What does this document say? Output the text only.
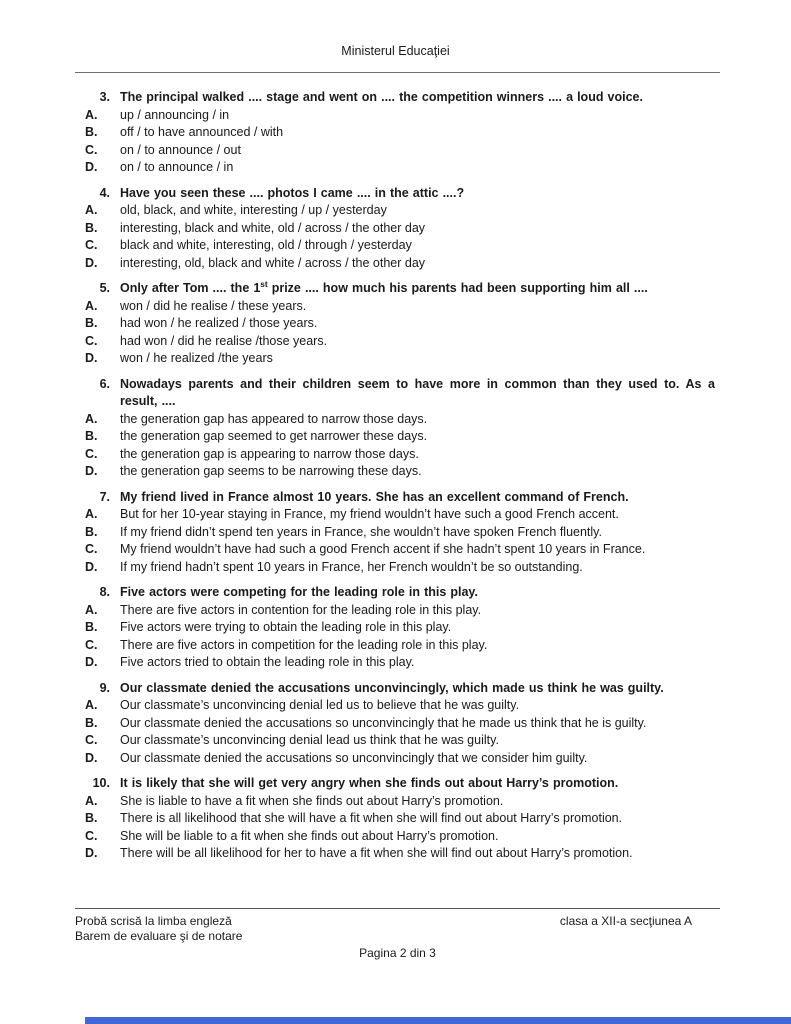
Ministerul Educaţiei
3. The principal walked .... stage and went on .... the competition winners .... a loud voice.

A.	up / announcing / in

B.	off / to have announced / with

C.	on / to announce / out

D.	on / to announce / in

4. Have you seen these .... photos I came .... in the attic ....?

A.	old, black, and white, interesting / up / yesterday

B.	interesting, black and white, old / across / the other day

C.	black and white, interesting, old / through / yesterday

D.	interesting, old, black and white / across / the other day

5. Only after Tom .... the 1st prize .... how much his parents had been supporting him all ....

A.	won / did he realise / these years.

B.	had won / he realized / those years.

C.	had won / did he realise /those years.

D.	won / he realized /the years

6. Nowadays parents and their children seem to have more in common than they used to. As a result, ....

A.	the generation gap has appeared to narrow those days.

B.	the generation gap seemed to get narrower these days.

C.	the generation gap is appearing to narrow those days.

D.	the generation gap seems to be narrowing these days.

7. My friend lived in France almost 10 years. She has an excellent command of French.

A.	But for her 10-year staying in France, my friend wouldn’t have such a good French accent.

B.	If my friend didn’t spend ten years in France, she wouldn’t have spoken French fluently.

C.	My friend wouldn’t have had such a good French accent if she hadn’t spent 10 years in France.

D.	If my friend hadn’t spent 10 years in France, her French wouldn’t be so outstanding.

8. Five actors were competing for the leading role in this play.

A.	There are five actors in contention for the leading role in this play.

B.	Five actors were trying to obtain the leading role in this play.

C.	There are five actors in competition for the leading role in this play.

D.	Five actors tried to obtain the leading role in this play.

9. Our classmate denied the accusations unconvincingly, which made us think he was guilty.

A.	Our classmate’s unconvincing denial led us to believe that he was guilty.

B.	Our classmate denied the accusations so unconvincingly that he made us think that he is guilty.

C.	Our classmate’s unconvincing denial lead us think that he was guilty.

D.	Our classmate denied the accusations so unconvincingly that we consider him guilty.

10. It is likely that she will get very angry when she finds out about Harry’s promotion.

A.	She is liable to have a fit when she finds out about Harry’s promotion.

B.	There is all likelihood that she will have a fit when she will find out about Harry’s promotion.

C.	She will be liable to a fit when she finds out about Harry’s promotion.

D.	There will be all likelihood for her to have a fit when she will find out about Harry’s promotion.

Probă scrisă la limba engleză
Barem de evaluare şi de notare
clasa a XII-a secţiunea A
Pagina 2 din 3
